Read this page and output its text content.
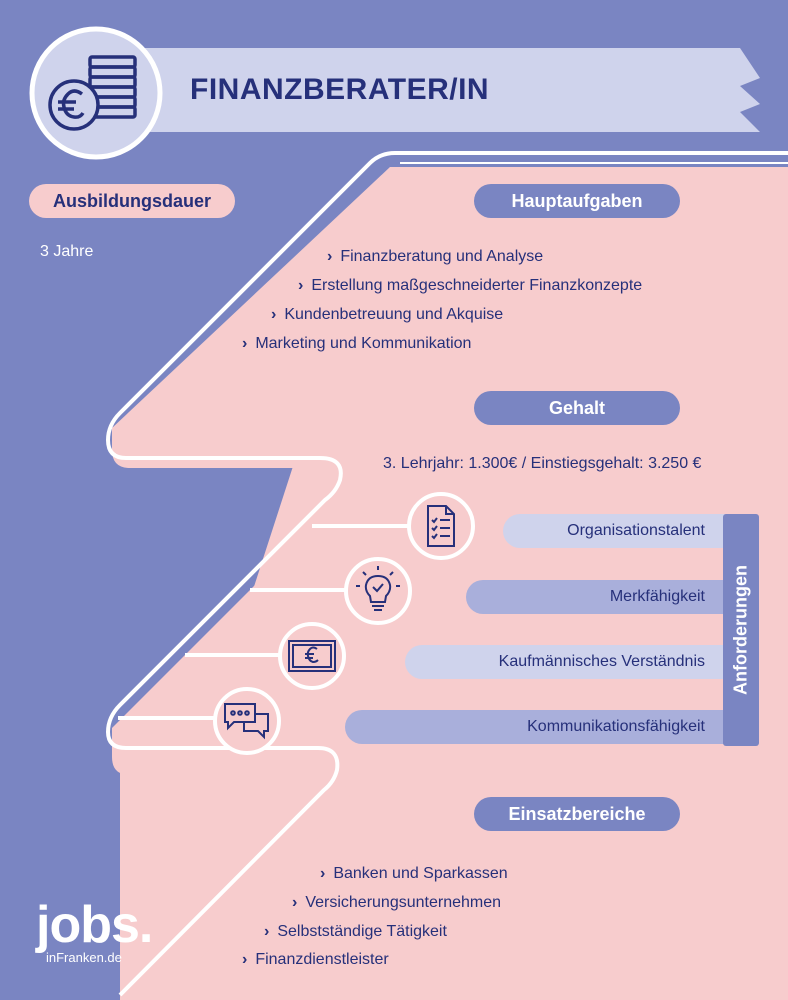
FINANZBERATER/IN
Ausbildungsdauer
3 Jahre
Hauptaufgaben
› Finanzberatung und Analyse
› Erstellung maßgeschneiderter Finanzkonzepte
› Kundenbetreuung und Akquise
› Marketing und Kommunikation
Gehalt
3. Lehrjahr: 1.300€ / Einstiegsgehalt: 3.250 €
Organisationstalent
Merkfähigkeit
Kaufmännisches Verständnis
Kommunikationsfähigkeit
Anforderungen
Einsatzbereiche
› Banken und Sparkassen
› Versicherungsunternehmen
› Selbstständige Tätigkeit
› Finanzdienstleister
jobs.
inFranken.de
